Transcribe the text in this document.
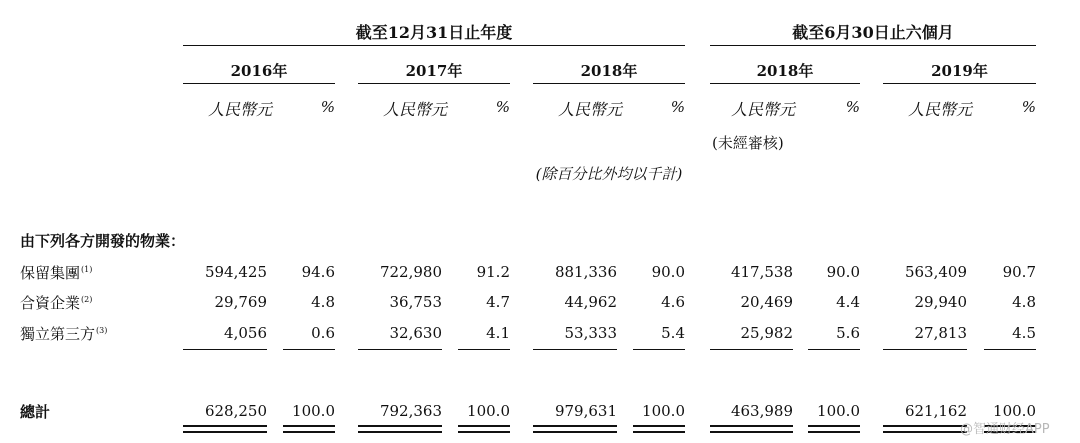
截至12月31日止年度	截至6月30日止六個月
2016年	2017年	2018年	2018年	2019年
人民幣元	%	人民幣元	%	人民幣元	%	人民幣元	%	人民幣元	%
(未經審核)
(除百分比外均以千計)
由下列各方開發的物業：
保留集團$^{(1)}$	594,425	94.6	722,980	91.2	881,336	90.0	417,538	90.0	563,409	90.7
合資企業$^{(2)}$	29,769	4.8	36,753	4.7	44,962	4.6	20,469	4.4	29,940	4.8
獨立第三方$^{(3)}$	4,056	0.6	32,630	4.1	53,333	5.4	25,982	5.6	27,813	4.5
總計	628,250	100.0	792,363	100.0	979,631	100.0	463,989	100.0	621,162	100.0
@智通财经APP
